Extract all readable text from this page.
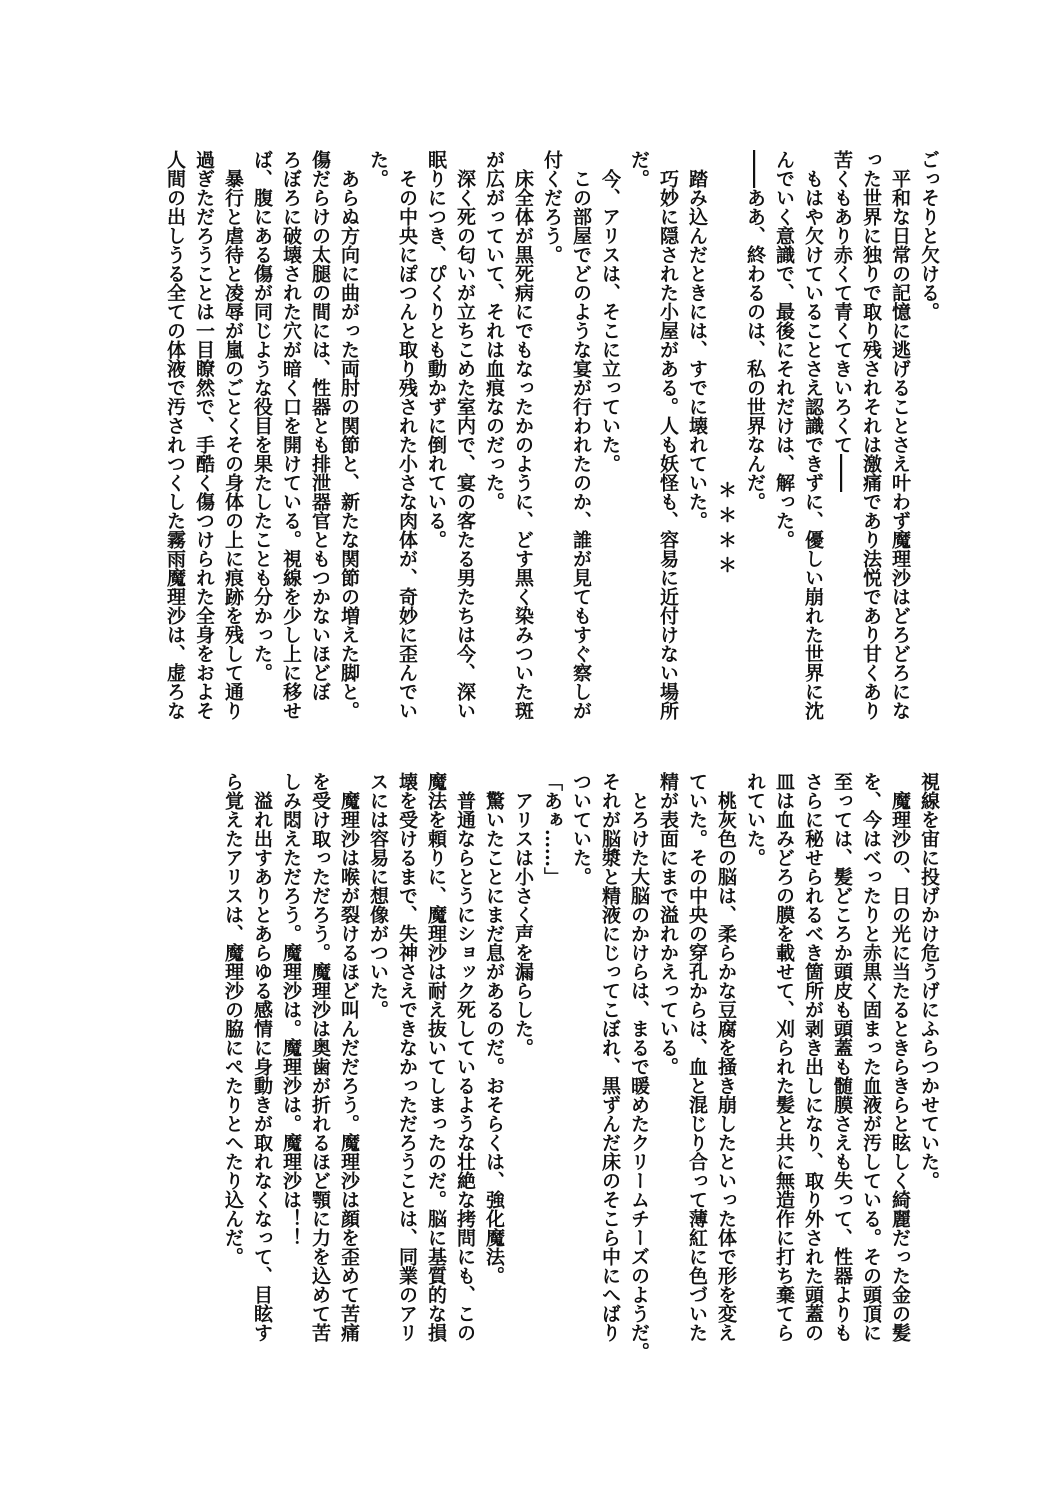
ごっそりと欠ける。
　平和な日常の記憶に逃げることさえ叶わず魔理沙はどろどろにな
った世界に独りで取り残されそれは激痛であり法悦であり甘くあり
苦くもあり赤くて青くてきいろくて――
　もはや欠けていることさえ認識できずに、優しい崩れた世界に沈
んでいく意識で、最後にそれだけは、解った。
――ああ、終わるのは、私の世界なんだ。
＊＊＊＊
　踏み込んだときには、すでに壊れていた。
　巧妙に隠された小屋がある。人も妖怪も、容易に近付けない場所
だ。
　今、アリスは、そこに立っていた。
　この部屋でどのような宴が行われたのか、誰が見てもすぐ察しが
付くだろう。
　床全体が黒死病にでもなったかのように、どす黒く染みついた斑
が広がっていて、それは血痕なのだった。
　深く死の匂いが立ちこめた室内で、宴の客たる男たちは今、深い
眠りにつき、ぴくりとも動かずに倒れている。
　その中央にぽつんと取り残された小さな肉体が、奇妙に歪んでい
た。
　あらぬ方向に曲がった両肘の関節と、新たな関節の増えた脚と。
傷だらけの太腿の間には、性器とも排泄器官ともつかないほどぼ
ろぼろに破壊された穴が暗く口を開けている。視線を少し上に移せ
ば、腹にある傷が同じような役目を果たしたことも分かった。
　暴行と虐待と凌辱が嵐のごとくその身体の上に痕跡を残して通り
過ぎただろうことは一目瞭然で、手酷く傷つけられた全身をおよそ
人間の出しうる全ての体液で汚されつくした霧雨魔理沙は、虚ろな
視線を宙に投げかけ危うげにふらつかせていた。
　魔理沙の、日の光に当たるときらきらと眩しく綺麗だった金の髪
を、今はべったりと赤黒く固まった血液が汚している。その頭頂に
至っては、髪どころか頭皮も頭蓋も髄膜さえも失って、性器よりも
さらに秘せられるべき箇所が剥き出しになり、取り外された頭蓋の
皿は血みどろの膜を載せて、刈られた髪と共に無造作に打ち棄てら
れていた。
　桃灰色の脳は、柔らかな豆腐を掻き崩したといった体で形を変え
ていた。その中央の穿孔からは、血と混じり合って薄紅に色づいた
精が表面にまで溢れかえっている。
　とろけた大脳のかけらは、まるで暖めたクリームチーズのようだ。
それが脳漿と精液にじってこぼれ、黒ずんだ床のそこら中にへばり
ついていた。
「あぁ……」
　アリスは小さく声を漏らした。
　驚いたことにまだ息があるのだ。おそらくは、強化魔法。
　普通ならとうにショック死しているような壮絶な拷問にも、この
魔法を頼りに、魔理沙は耐え抜いてしまったのだ。脳に基質的な損
壊を受けるまで、失神さえできなかっただろうことは、同業のアリ
スには容易に想像がついた。
　魔理沙は喉が裂けるほど叫んだだろう。魔理沙は顔を歪めて苦痛
を受け取っただろう。魔理沙は奥歯が折れるほど顎に力を込めて苦
しみ悶えただろう。魔理沙は。魔理沙は。魔理沙は！！
　溢れ出すありとあらゆる感情に身動きが取れなくなって、目眩す
ら覚えたアリスは、魔理沙の脇にぺたりとへたり込んだ。
